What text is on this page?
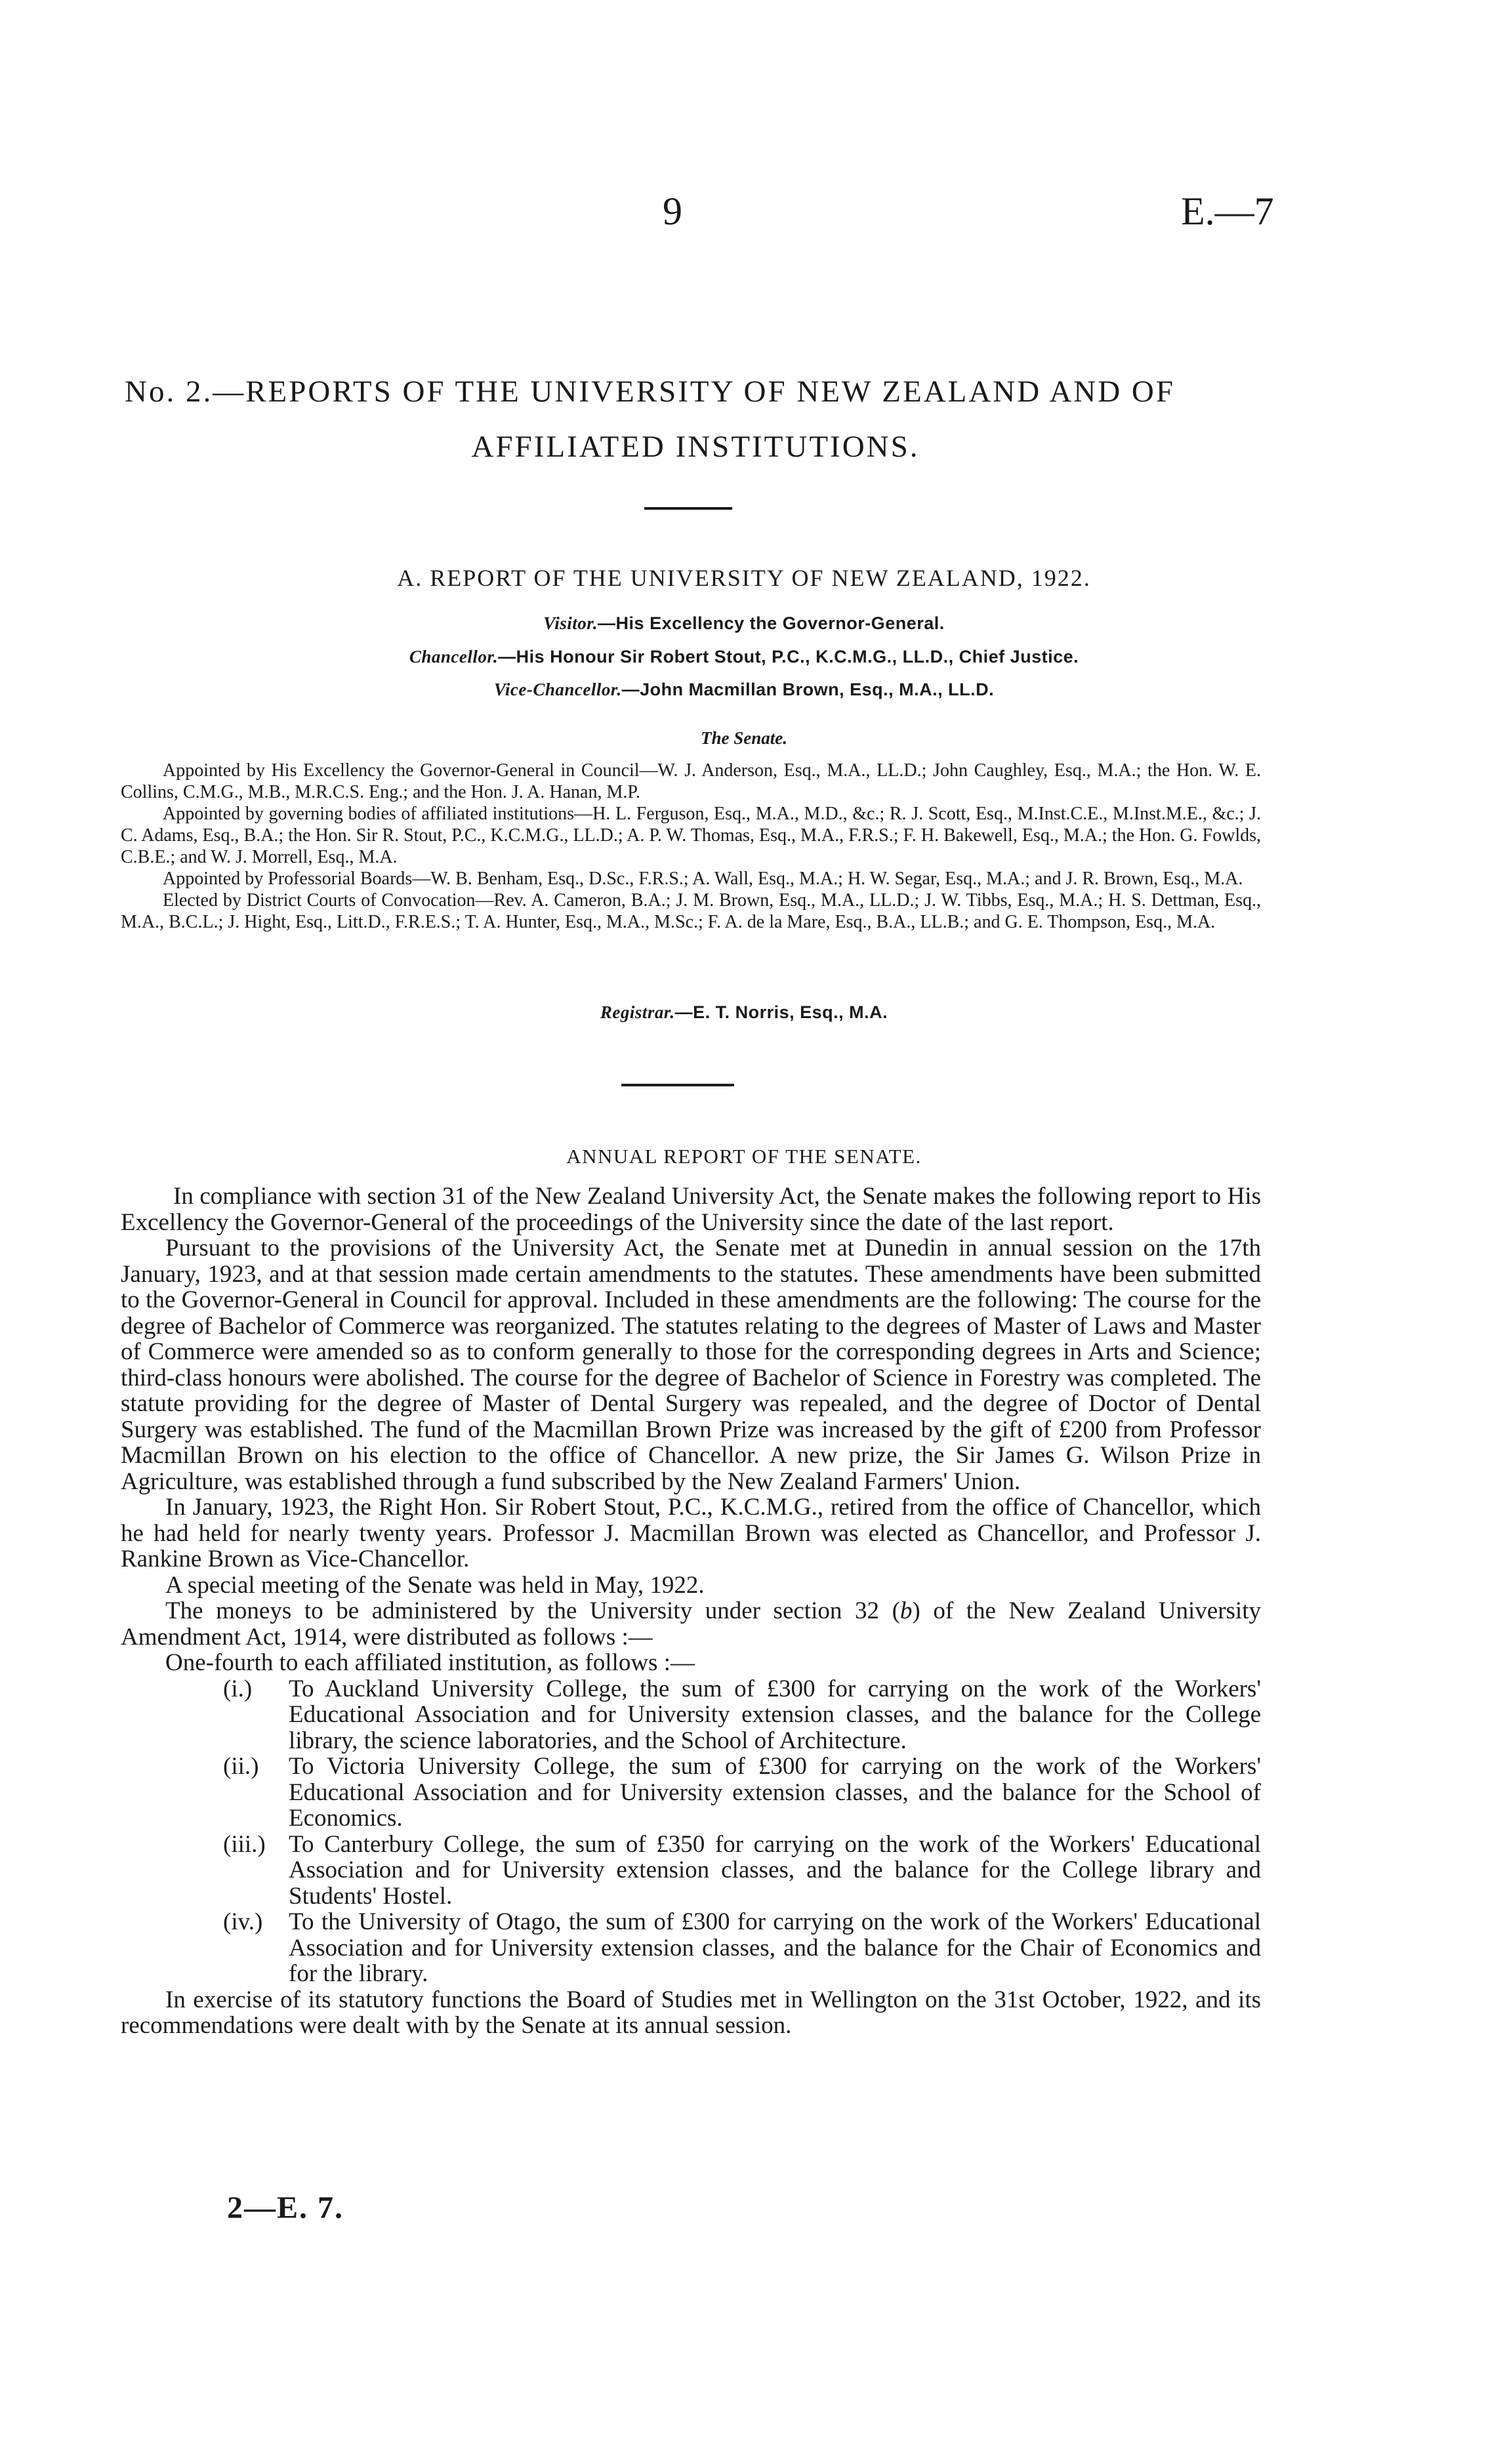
9	E.—7
No. 2.—REPORTS OF THE UNIVERSITY OF NEW ZEALAND AND OF
AFFILIATED INSTITUTIONS.
A. REPORT OF THE UNIVERSITY OF NEW ZEALAND, 1922.
Visitor.—His Excellency the Governor-General.
Chancellor.—His Honour Sir Robert Stout, P.C., K.C.M.G., LL.D., Chief Justice.
Vice-Chancellor.—John Macmillan Brown, Esq., M.A., LL.D.
The Senate.

Appointed by His Excellency the Governor-General in Council—W. J. Anderson, Esq., M.A., LL.D.; John Caughley, Esq., M.A.; the Hon. W. E. Collins, C.M.G., M.B., M.R.C.S. Eng.; and the Hon. J. A. Hanan, M.P.

Appointed by governing bodies of affiliated institutions—H. L. Ferguson, Esq., M.A., M.D., &c.; R. J. Scott, Esq., M.Inst.C.E., M.Inst.M.E., &c.; J. C. Adams, Esq., B.A.; the Hon. Sir R. Stout, P.C., K.C.M.G., LL.D.; A. P. W. Thomas, Esq., M.A., F.R.S.; F. H. Bakewell, Esq., M.A.; the Hon. G. Fowlds, C.B.E.; and W. J. Morrell, Esq., M.A.

Appointed by Professorial Boards—W. B. Benham, Esq., D.Sc., F.R.S.; A. Wall, Esq., M.A.; H. W. Segar, Esq., M.A.; and J. R. Brown, Esq., M.A.

Elected by District Courts of Convocation—Rev. A. Cameron, B.A.; J. M. Brown, Esq., M.A., LL.D.; J. W. Tibbs, Esq., M.A.; H. S. Dettman, Esq., M.A., B.C.L.; J. Hight, Esq., Litt.D., F.R.E.S.; T. A. Hunter, Esq., M.A., M.Sc.; F. A. de la Mare, Esq., B.A., LL.B.; and G. E. Thompson, Esq., M.A.

Registrar.—E. T. Norris, Esq., M.A.
ANNUAL REPORT OF THE SENATE.

In compliance with section 31 of the New Zealand University Act, the Senate makes the following report to His Excellency the Governor-General of the proceedings of the University since the date of the last report.

Pursuant to the provisions of the University Act, the Senate met at Dunedin in annual session on the 17th January, 1923, and at that session made certain amendments to the statutes. These amendments have been submitted to the Governor-General in Council for approval. Included in these amendments are the following: The course for the degree of Bachelor of Commerce was reorganized. The statutes relating to the degrees of Master of Laws and Master of Commerce were amended so as to conform generally to those for the corresponding degrees in Arts and Science; third-class honours were abolished. The course for the degree of Bachelor of Science in Forestry was completed. The statute providing for the degree of Master of Dental Surgery was repealed, and the degree of Doctor of Dental Surgery was established. The fund of the Macmillan Brown Prize was increased by the gift of £200 from Professor Macmillan Brown on his election to the office of Chancellor. A new prize, the Sir James G. Wilson Prize in Agriculture, was established through a fund subscribed by the New Zealand Farmers' Union.

In January, 1923, the Right Hon. Sir Robert Stout, P.C., K.C.M.G., retired from the office of Chancellor, which he had held for nearly twenty years. Professor J. Macmillan Brown was elected as Chancellor, and Professor J. Rankine Brown as Vice-Chancellor.

A special meeting of the Senate was held in May, 1922.

The moneys to be administered by the University under section 32 (b) of the New Zealand University Amendment Act, 1914, were distributed as follows :—

One-fourth to each affiliated institution, as follows :—

(i.) To Auckland University College, the sum of £300 for carrying on the work of the Workers' Educational Association and for University extension classes, and the balance for the College library, the science laboratories, and the School of Architecture.
(ii.) To Victoria University College, the sum of £300 for carrying on the work of the Workers' Educational Association and for University extension classes, and the balance for the School of Economics.
(iii.) To Canterbury College, the sum of £350 for carrying on the work of the Workers' Educational Association and for University extension classes, and the balance for the College library and Students' Hostel.
(iv.) To the University of Otago, the sum of £300 for carrying on the work of the Workers' Educational Association and for University extension classes, and the balance for the Chair of Economics and for the library.

In exercise of its statutory functions the Board of Studies met in Wellington on the 31st October, 1922, and its recommendations were dealt with by the Senate at its annual session.

2—E. 7.
